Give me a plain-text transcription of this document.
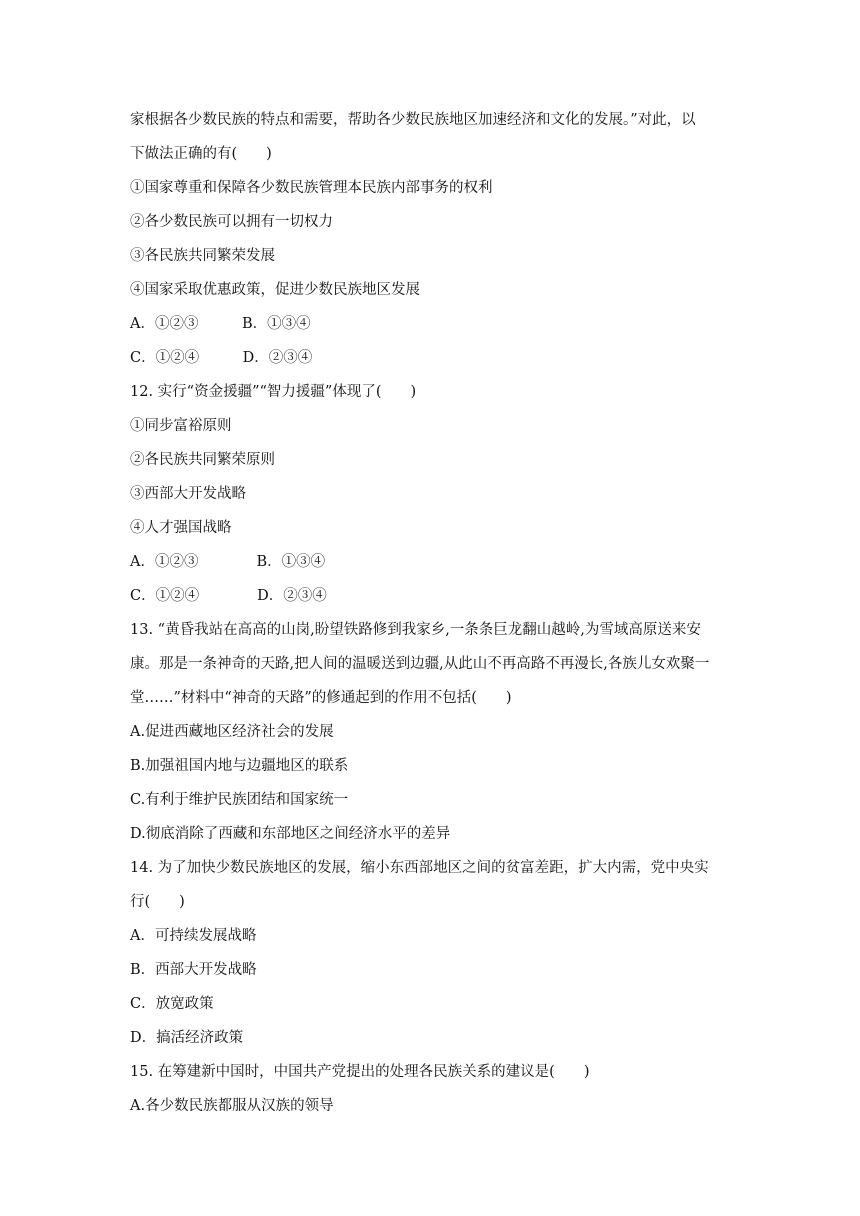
家根据各少数民族的特点和需要，帮助各少数民族地区加速经济和文化的发展。”对此，以
下做法正确的有(　　)
①国家尊重和保障各少数民族管理本民族内部事务的权利
②各少数民族可以拥有一切权力
③各民族共同繁荣发展
④国家采取优惠政策，促进少数民族地区发展
A．①②③　　　B．①③④
C．①②④　　　D．②③④
12. 实行“资金援疆”“智力援疆”体现了(　　)
①同步富裕原则
②各民族共同繁荣原则
③西部大开发战略
④人才强国战略
A．①②③　　　　B．①③④
C．①②④　　　　D．②③④
13. “黄昏我站在高高的山岗,盼望铁路修到我家乡,一条条巨龙翻山越岭,为雪域高原送来安
康。那是一条神奇的天路,把人间的温暖送到边疆,从此山不再高路不再漫长,各族儿女欢聚一
堂……”材料中“神奇的天路”的修通起到的作用不包括(　　)
A.促进西藏地区经济社会的发展
B.加强祖国内地与边疆地区的联系
C.有利于维护民族团结和国家统一
D.彻底消除了西藏和东部地区之间经济水平的差异
14. 为了加快少数民族地区的发展，缩小东西部地区之间的贫富差距，扩大内需，党中央实
行(　　)
A．可持续发展战略
B．西部大开发战略
C．放宽政策
D．搞活经济政策
15. 在筹建新中国时，中国共产党提出的处理各民族关系的建议是(　　)
A.各少数民族都服从汉族的领导
